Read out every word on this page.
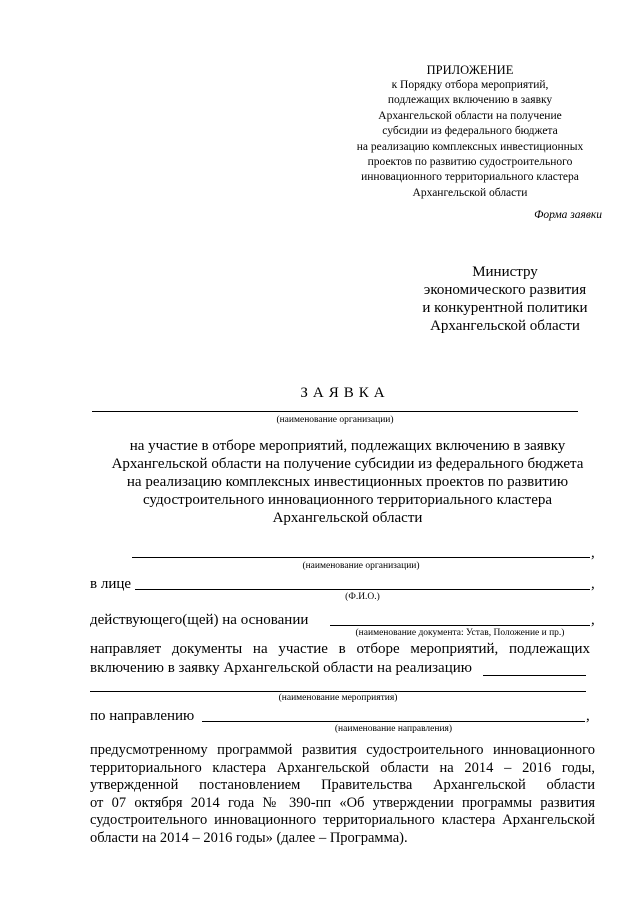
ПРИЛОЖЕНИЕ
к Порядку отбора мероприятий,
подлежащих включению в заявку
Архангельской области на получение
субсидии из федерального бюджета
на реализацию комплексных инвестиционных
проектов по развитию судостроительного
инновационного территориального кластера
Архангельской области
Форма заявки
Министру
экономического развития
и конкурентной политики
Архангельской области
ЗАЯВКА
(наименование организации)
на участие в отборе мероприятий, подлежащих включению в заявку
Архангельской области на получение субсидии из федерального бюджета
на реализацию комплексных инвестиционных проектов по развитию
судостроительного инновационного территориального кластера
Архангельской области
,
(наименование организации)
в лице	,
(Ф.И.О.)
действующего(щей) на основании	,
(наименование документа: Устав, Положение и пр.)
направляет документы на участие в отборе мероприятий, подлежащих
включению в заявку Архангельской области на реализацию
(наименование мероприятия)
по направлению	,
(наименование направления)

предусмотренному программой развития судостроительного инновационного

территориального кластера Архангельской области на 2014 – 2016 годы,

утвержденной постановлением Правительства Архангельской области

от 07 октября 2014 года № 390-пп «Об утверждении программы развития

судостроительного инновационного территориального кластера Архангельской

области на 2014 – 2016 годы» (далее – Программа).
